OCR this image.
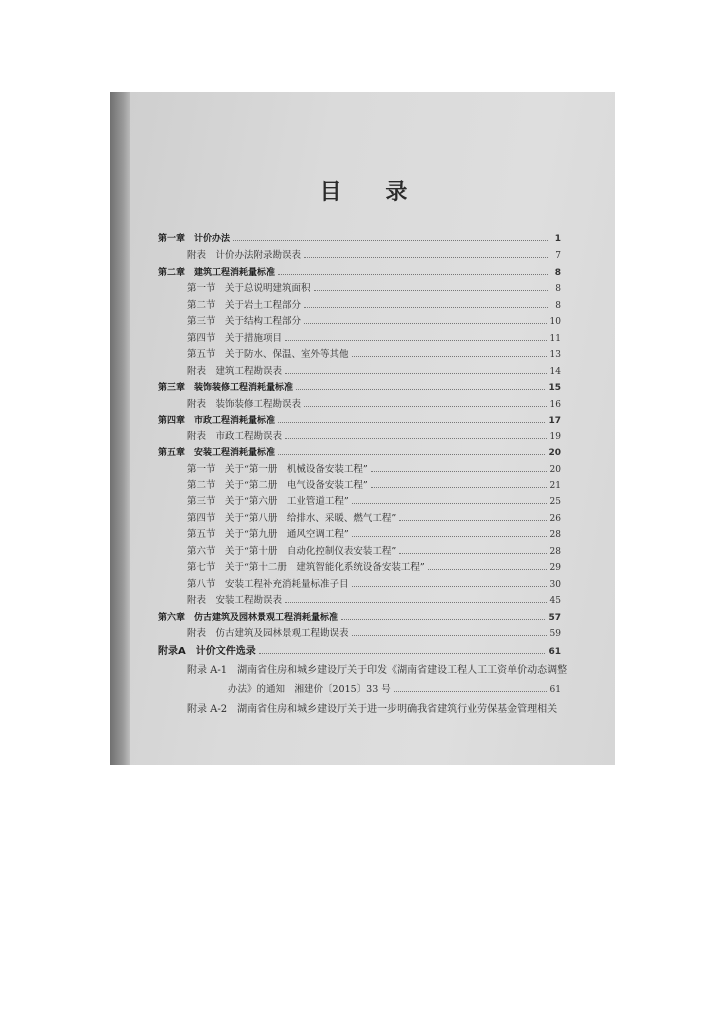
目 录
第一章　计价办法	1
附表　计价办法附录勘误表	7
第二章　建筑工程消耗量标准	8
第一节　关于总说明建筑面积	8
第二节　关于岩土工程部分	8
第三节　关于结构工程部分	10
第四节　关于措施项目	11
第五节　关于防水、保温、室外等其他	13
附表　建筑工程勘误表	14
第三章　装饰装修工程消耗量标准	15
附表　装饰装修工程勘误表	16
第四章　市政工程消耗量标准	17
附表　市政工程勘误表	19
第五章　安装工程消耗量标准	20
第一节　关于“第一册　机械设备安装工程”	20
第二节　关于“第二册　电气设备安装工程”	21
第三节　关于“第六册　工业管道工程”	25
第四节　关于“第八册　给排水、采暖、燃气工程”	26
第五节　关于“第九册　通风空调工程”	28
第六节　关于“第十册　自动化控制仪表安装工程”	28
第七节　关于“第十二册　建筑智能化系统设备安装工程”	29
第八节　安装工程补充消耗量标准子目	30
附表　安装工程勘误表	45
第六章　仿古建筑及园林景观工程消耗量标准	57
附表　仿古建筑及园林景观工程勘误表	59
附录A　计价文件选录	61
附录 A-1　湖南省住房和城乡建设厅关于印发《湖南省建设工程人工工资单价动态调整
办法》的通知　湘建价〔2015〕33 号	61
附录 A-2　湖南省住房和城乡建设厅关于进一步明确我省建筑行业劳保基金管理相关
